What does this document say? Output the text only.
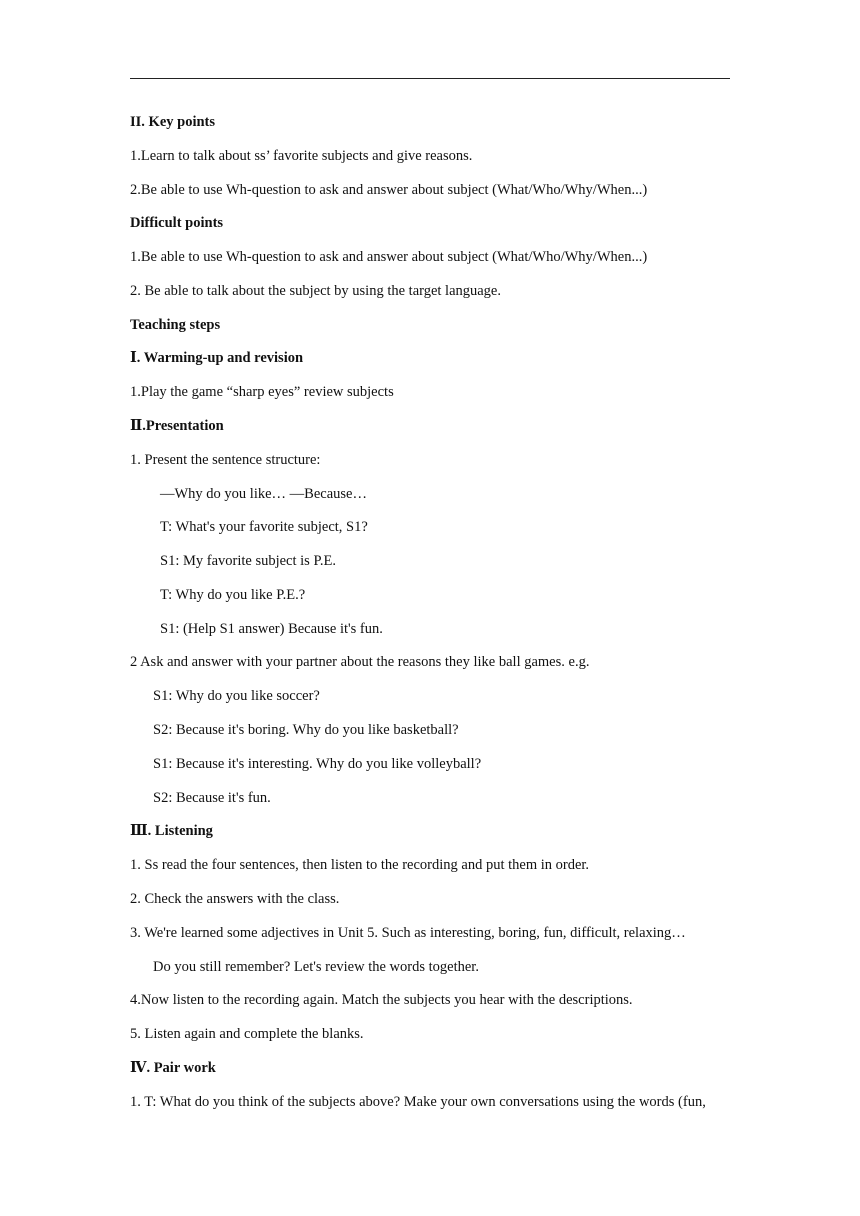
II. Key points
1.Learn to talk about ss’ favorite subjects and give reasons.
2.Be able to use Wh-question to ask and answer about subject (What/Who/Why/When...)
Difficult points
1.Be able to use Wh-question to ask and answer about subject (What/Who/Why/When...)
2. Be able to talk about the subject by using the target language.
Teaching steps
Ⅰ. Warming-up and revision
1.Play the game “sharp eyes” review subjects
Ⅱ.Presentation
1. Present the sentence structure:
—Why do you like… —Because…
T: What's your favorite subject, S1?
S1: My favorite subject is P.E.
T: Why do you like P.E.?
S1: (Help S1 answer) Because it's fun.
2 Ask and answer with your partner about the reasons they like ball games. e.g.
S1: Why do you like soccer?
S2: Because it's boring. Why do you like basketball?
S1: Because it's interesting. Why do you like volleyball?
S2: Because it's fun.
Ⅲ. Listening
1. Ss read the four sentences, then listen to the recording and put them in order.
2. Check the answers with the class.
3. We're learned some adjectives in Unit 5. Such as interesting, boring, fun, difficult, relaxing…
Do you still remember? Let's review the words together.
4.Now listen to the recording again. Match the subjects you hear with the descriptions.
5. Listen again and complete the blanks.
Ⅳ. Pair work
1. T: What do you think of the subjects above? Make your own conversations using the words (fun,
